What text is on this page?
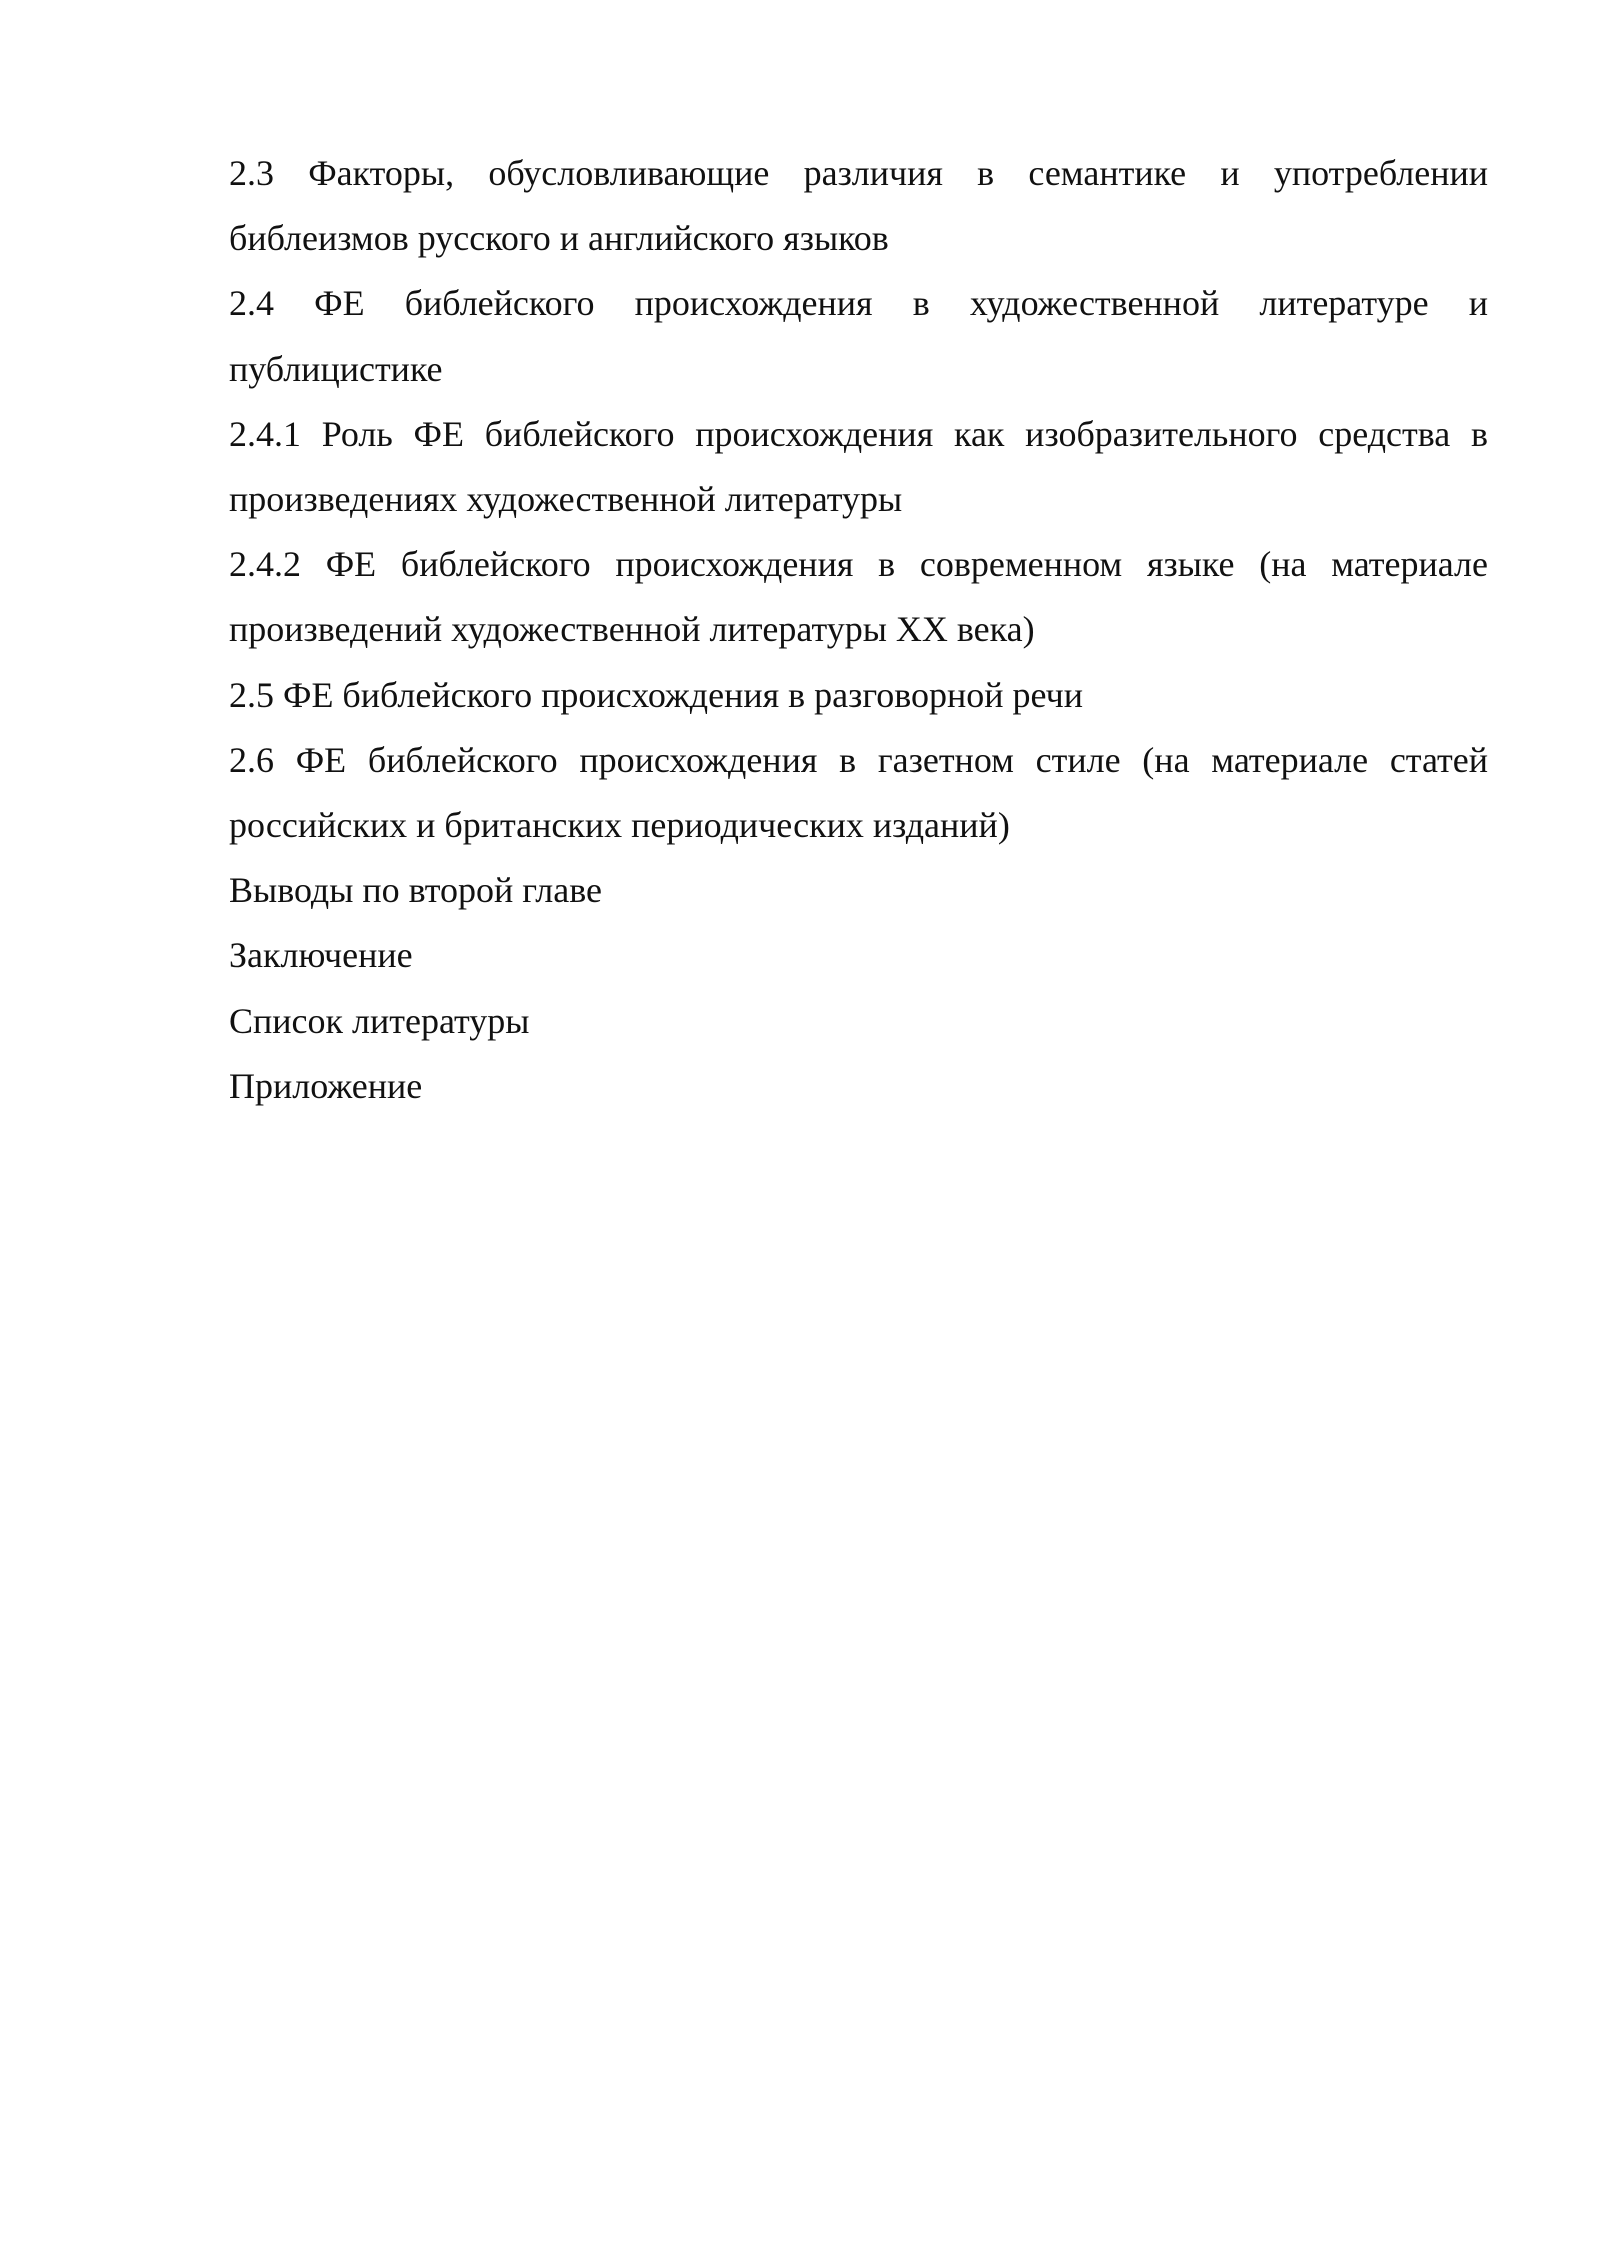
2.3 Факторы, обусловливающие различия в семантике и употреблении библеизмов русского и английского языков

2.4 ФЕ библейского происхождения в художественной литературе и публицистике

2.4.1 Роль ФЕ библейского происхождения как изобразительного средства в произведениях художественной литературы

2.4.2 ФЕ библейского происхождения в современном языке (на материале произведений художественной литературы XX века)

2.5 ФЕ библейского происхождения в разговорной речи

2.6 ФЕ библейского происхождения в газетном стиле (на материале статей российских и британских периодических изданий)

Выводы по второй главе

Заключение

Список литературы

Приложение
